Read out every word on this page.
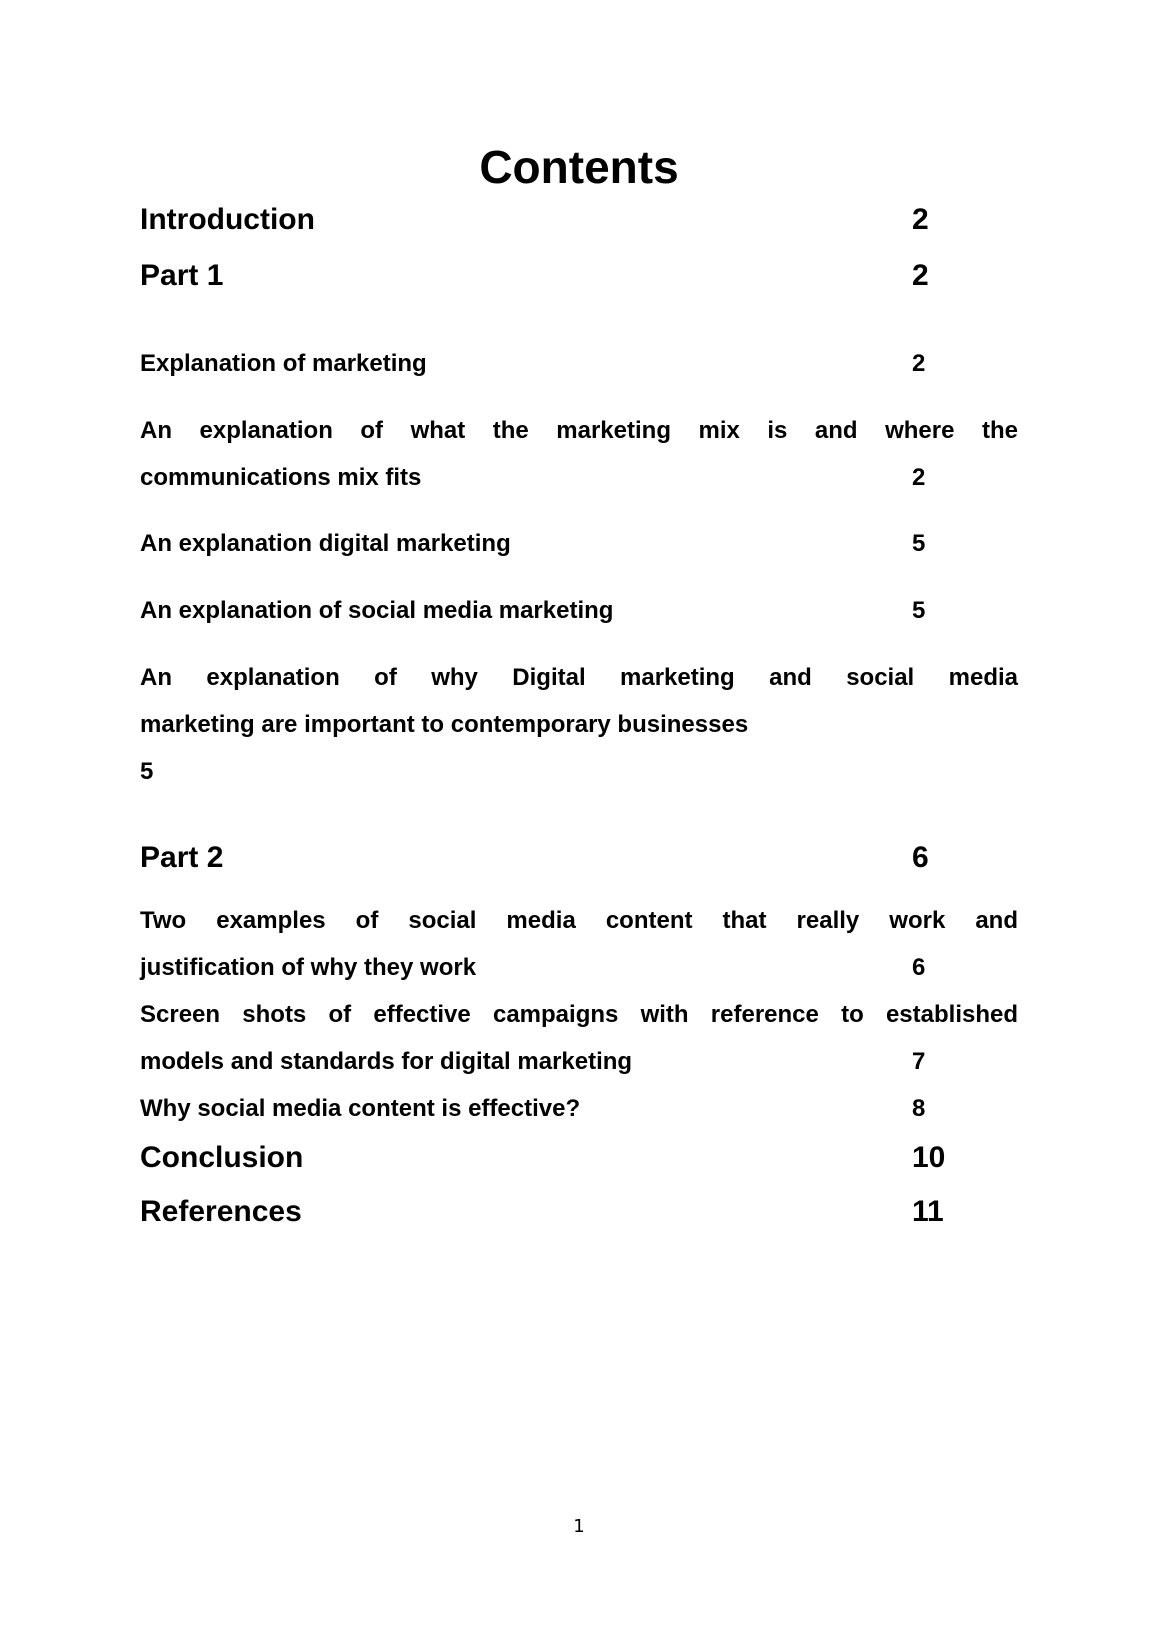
Contents
Introduction	2
Part 1	2
Explanation of marketing	2
An explanation of what the marketing mix is and where the
communications mix fits	2
An explanation digital marketing	5
An explanation of social media marketing	5
An explanation of why Digital marketing and social media
marketing are important to contemporary businesses
5
Part 2	6
Two examples of social media content that really work and
justification of why they work	6
Screen shots of effective campaigns with reference to established
models and standards for digital marketing	7
Why social media content is effective?	8
Conclusion	10
References	11
1
